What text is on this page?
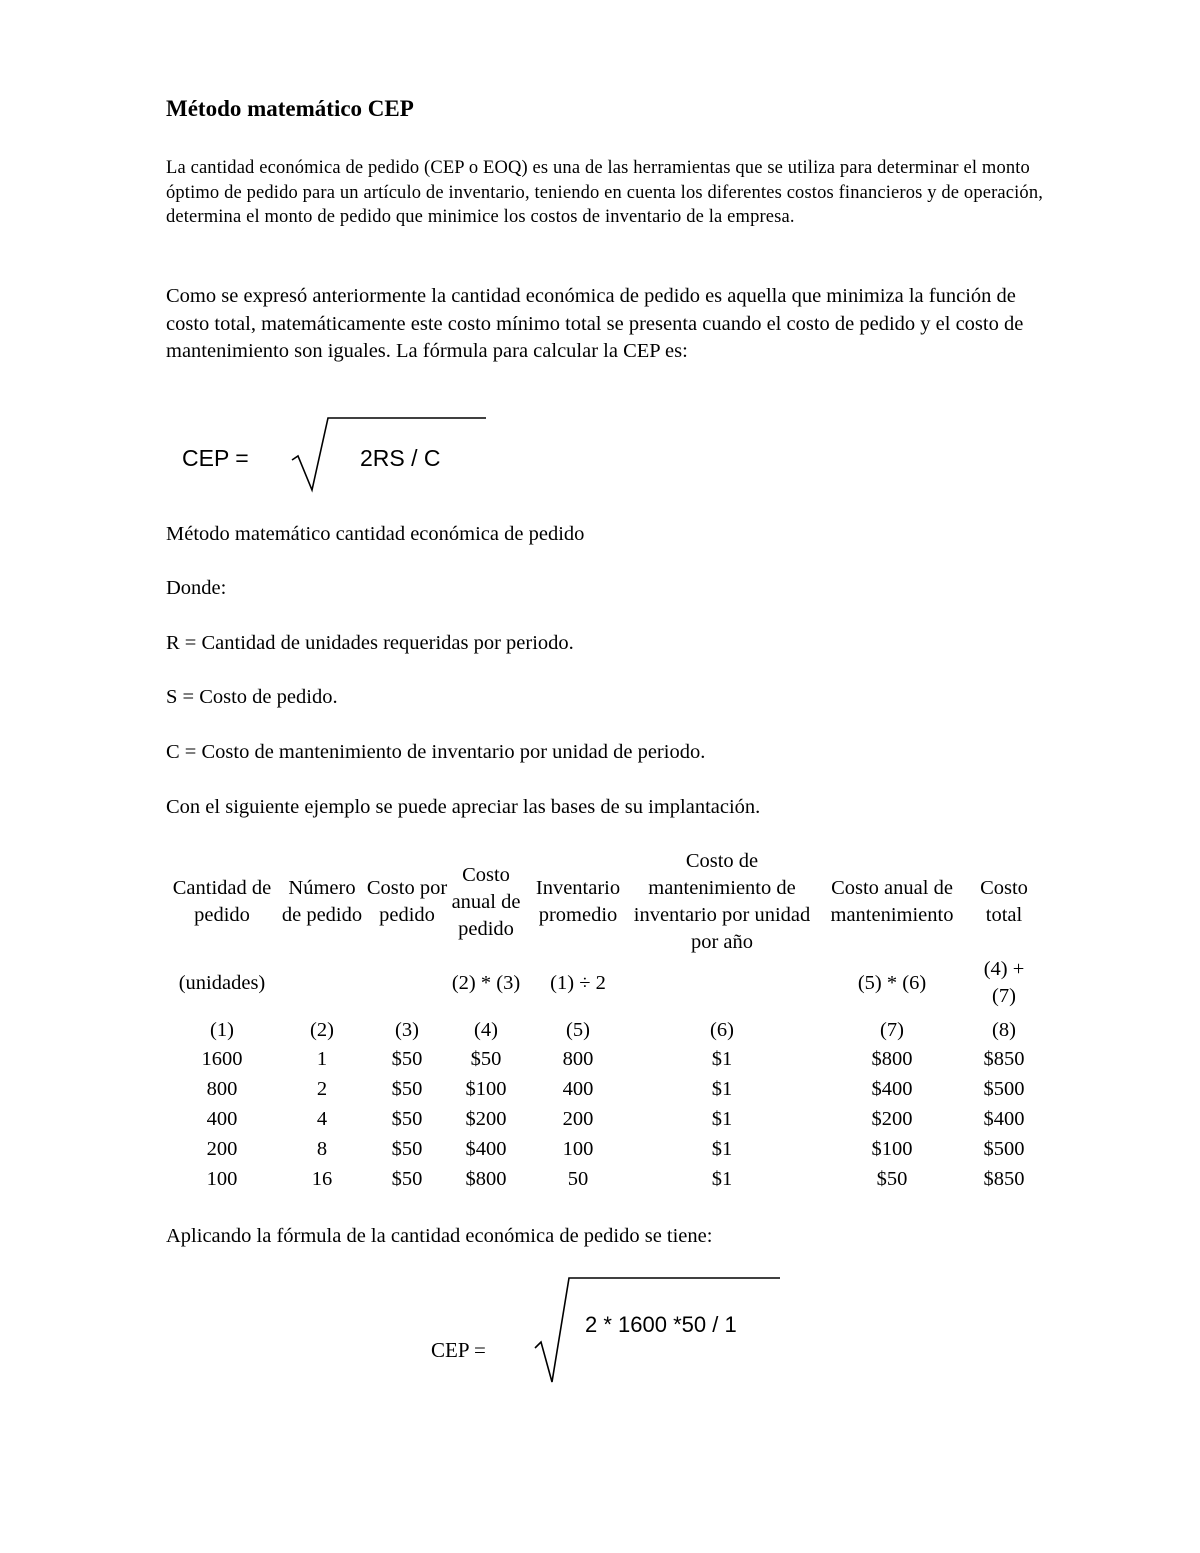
Método matemático CEP

La cantidad económica de pedido (CEP o EOQ) es una de las herramientas que se utiliza para determinar el monto óptimo de pedido para un artículo de inventario, teniendo en cuenta los diferentes costos financieros y de operación, determina el monto de pedido que minimice los costos de inventario de la empresa.

Como se expresó anteriormente la cantidad económica de pedido es aquella que minimiza la función de costo total, matemáticamente este costo mínimo total se presenta cuando el costo de pedido y el costo de mantenimiento son iguales. La fórmula para calcular la CEP es:

CEP =	2RS / C

Método matemático cantidad económica de pedido

Donde:

R = Cantidad de unidades requeridas por periodo.

S = Costo de pedido.

C = Costo de mantenimiento de inventario por unidad de periodo.

Con el siguiente ejemplo se puede apreciar las bases de su implantación.

Cantidad de pedido	Número de pedido	Costo por pedido	Costo anual de pedido	Inventario promedio	Costo de mantenimiento de inventario por unidad por año	Costo anual de mantenimiento	Costo total
(unidades)			(2) * (3)	(1) ÷ 2		(5) * (6)	(4) + (7)
(1)	(2)	(3)	(4)	(5)	(6)	(7)	(8)
1600	1	$50	$50	800	$1	$800	$850
800	2	$50	$100	400	$1	$400	$500
400	4	$50	$200	200	$1	$200	$400
200	8	$50	$400	100	$1	$100	$500
100	16	$50	$800	50	$1	$50	$850

Aplicando la fórmula de la cantidad económica de pedido se tiene:

CEP =
2 * 1600 *50 / 1
